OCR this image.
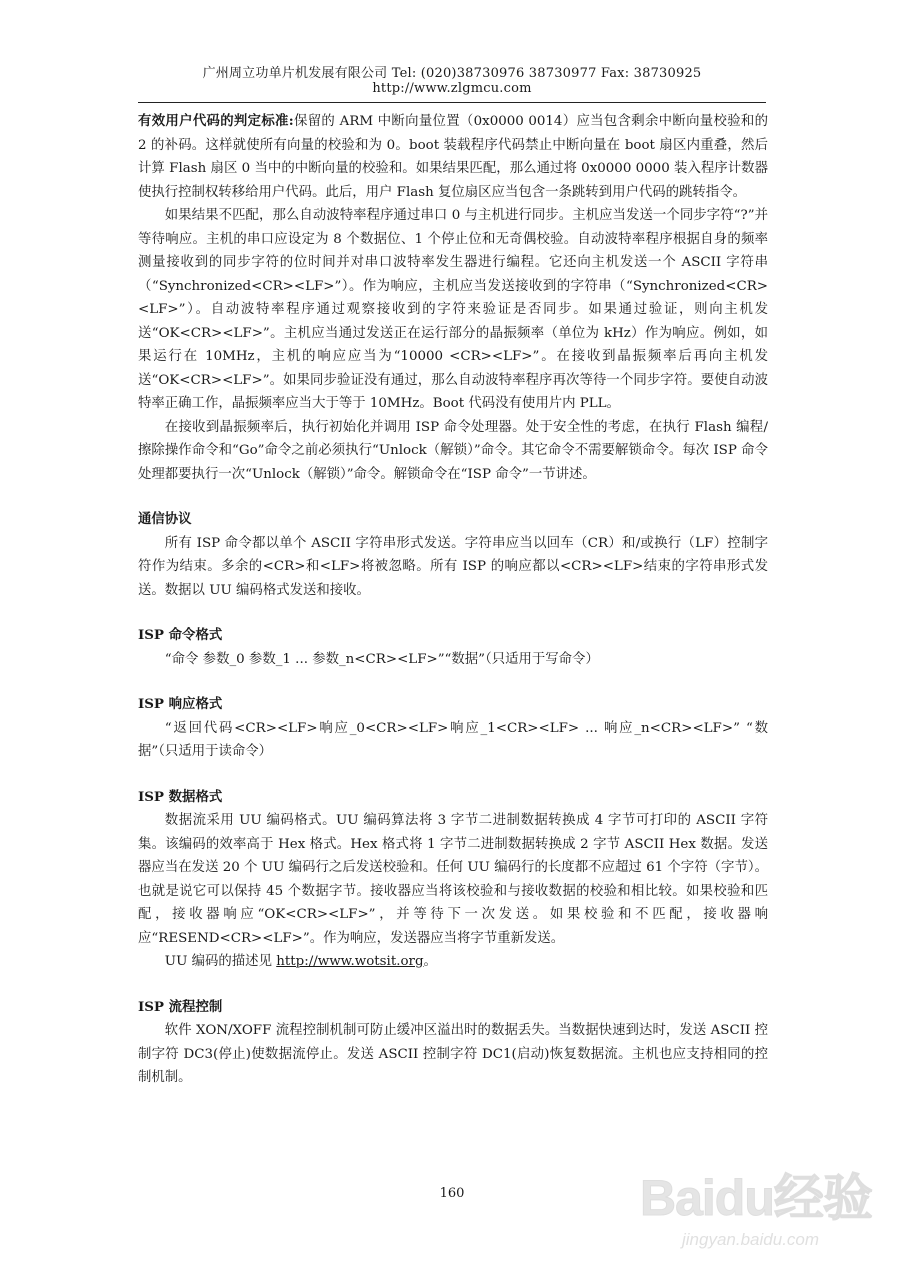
广州周立功单片机发展有限公司 Tel: (020)38730976 38730977 Fax: 38730925 http://www.zlgmcu.com

有效用户代码的判定标准:保留的 ARM 中断向量位置（0x0000 0014）应当包含剩余中断向量校验和的 2 的补码。这样就使所有向量的校验和为 0。boot 装载程序代码禁止中断向量在 boot 扇区内重叠，然后计算 Flash 扇区 0 当中的中断向量的校验和。如果结果匹配，那么通过将 0x0000 0000 装入程序计数器使执行控制权转移给用户代码。此后，用户 Flash 复位扇区应当包含一条跳转到用户代码的跳转指令。

如果结果不匹配，那么自动波特率程序通过串口 0 与主机进行同步。主机应当发送一个同步字符“?”并等待响应。主机的串口应设定为 8 个数据位、1 个停止位和无奇偶校验。自动波特率程序根据自身的频率测量接收到的同步字符的位时间并对串口波特率发生器进行编程。它还向主机发送一个 ASCII 字符串（“Synchronized<CR><LF>”）。作为响应，主机应当发送接收到的字符串（“Synchronized<CR><LF>”）。自动波特率程序通过观察接收到的字符来验证是否同步。如果通过验证，则向主机发送“OK<CR><LF>”。主机应当通过发送正在运行部分的晶振频率（单位为 kHz）作为响应。例如，如果运行在 10MHz，主机的响应应当为“10000 <CR><LF>”。在接收到晶振频率后再向主机发送“OK<CR><LF>”。如果同步验证没有通过，那么自动波特率程序再次等待一个同步字符。要使自动波特率正确工作，晶振频率应当大于等于 10MHz。Boot 代码没有使用片内 PLL。

在接收到晶振频率后，执行初始化并调用 ISP 命令处理器。处于安全性的考虑，在执行 Flash 编程/擦除操作命令和“Go”命令之前必须执行“Unlock（解锁）”命令。其它命令不需要解锁命令。每次 ISP 命令处理都要执行一次“Unlock（解锁）”命令。解锁命令在“ISP 命令”一节讲述。

通信协议

所有 ISP 命令都以单个 ASCII 字符串形式发送。字符串应当以回车（CR）和/或换行（LF）控制字符作为结束。多余的<CR>和<LF>将被忽略。所有 ISP 的响应都以<CR><LF>结束的字符串形式发送。数据以 UU 编码格式发送和接收。

ISP 命令格式

“命令 参数_0 参数_1 ... 参数_n<CR><LF>”“数据”（只适用于写命令）

ISP 响应格式

“返回代码<CR><LF>响应_0<CR><LF>响应_1<CR><LF> ... 响应_n<CR><LF>” “数据”（只适用于读命令）

ISP 数据格式

数据流采用 UU 编码格式。UU 编码算法将 3 字节二进制数据转换成 4 字节可打印的 ASCII 字符集。该编码的效率高于 Hex 格式。Hex 格式将 1 字节二进制数据转换成 2 字节 ASCII Hex 数据。发送器应当在发送 20 个 UU 编码行之后发送校验和。任何 UU 编码行的长度都不应超过 61 个字符（字节）。也就是说它可以保持 45 个数据字节。接收器应当将该校验和与接收数据的校验和相比较。如果校验和匹配，接收器响应“OK<CR><LF>”，并等待下一次发送。如果校验和不匹配，接收器响应“RESEND<CR><LF>”。作为响应，发送器应当将字节重新发送。

UU 编码的描述见 http://www.wotsit.org。

ISP 流程控制

软件 XON/XOFF 流程控制机制可防止缓冲区溢出时的数据丢失。当数据快速到达时，发送 ASCII 控制字符 DC3(停止)使数据流停止。发送 ASCII 控制字符 DC1(启动)恢复数据流。主机也应支持相同的控制机制。

160	Baidu经验
jingyan.baidu.com
